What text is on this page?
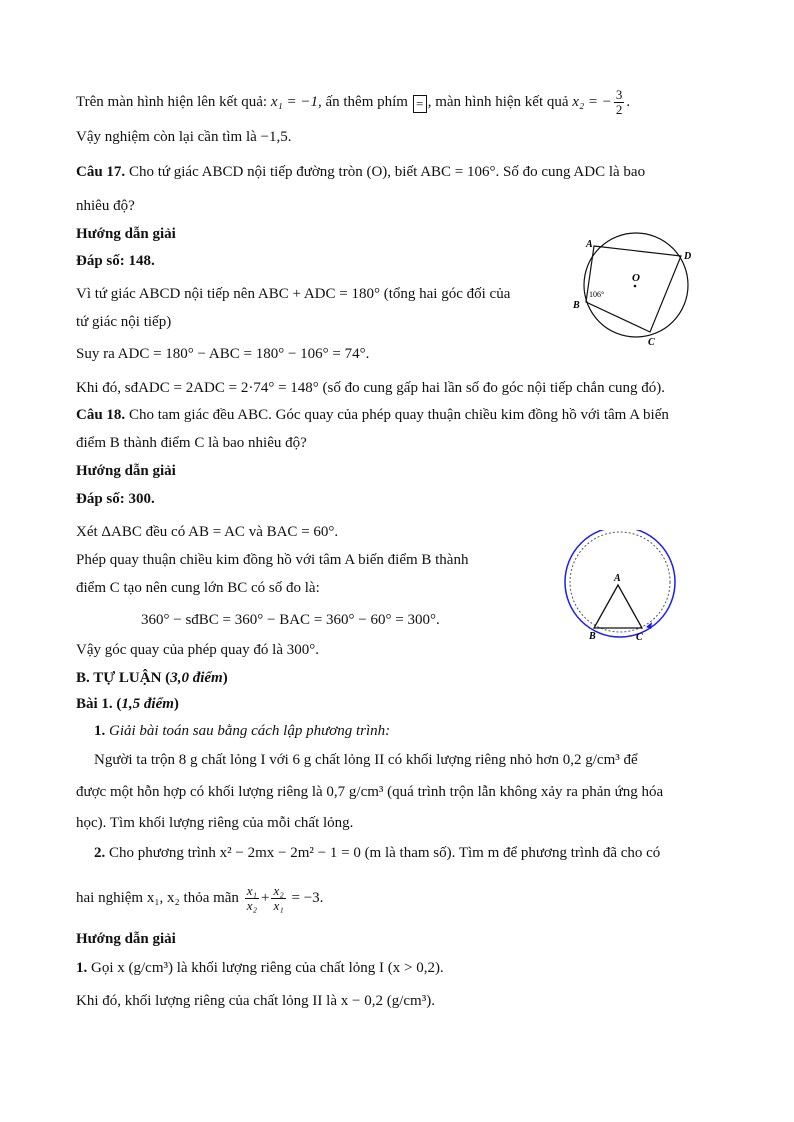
Trên màn hình hiện lên kết quả: x₁ = −1, ấn thêm phím = , màn hình hiện kết quả x₂ = − $\frac{3}{2}$ .
Vậy nghiệm còn lại cần tìm là −1,5.
Câu 17. Cho tứ giác ABCD nội tiếp đường tròn (O), biết ABC = 106°. Số đo cung ADC là bao
nhiêu độ?
Hướng dẫn giải
Đáp số: 148.
Vì tứ giác ABCD nội tiếp nên ABC + ADC = 180° (tổng hai góc đối của
tứ giác nội tiếp)
Suy ra ADC = 180° − ABC = 180° − 106° = 74°.
Khi đó, sđADC = 2ADC = 2·74° = 148° (số đo cung gấp hai lần số đo góc nội tiếp chắn cung đó).
A
D
C
B
O
106°
Câu 18. Cho tam giác đều ABC. Góc quay của phép quay thuận chiều kim đồng hồ với tâm A biến
điểm B thành điểm C là bao nhiêu độ?
Hướng dẫn giải
Đáp số: 300.
Xét ΔABC đều có AB = AC và BAC = 60°.
Phép quay thuận chiều kim đồng hồ với tâm A biến điểm B thành
điểm C tạo nên cung lớn BC có số đo là:
360° − sđBC = 360° − BAC = 360° − 60° = 300°.
Vậy góc quay của phép quay đó là 300°.
A
B	C
B. TỰ LUẬN (3,0 điểm)
Bài 1. (1,5 điểm)
1. Giải bài toán sau bằng cách lập phương trình:
Người ta trộn 8 g chất lỏng I với 6 g chất lỏng II có khối lượng riêng nhỏ hơn 0,2 g/cm³ để
được một hỗn hợp có khối lượng riêng là 0,7 g/cm³ (quá trình trộn lẫn không xảy ra phản ứng hóa
học). Tìm khối lượng riêng của mỗi chất lỏng.
2. Cho phương trình x² − 2mx − 2m² − 1 = 0 (m là tham số). Tìm m để phương trình đã cho có
hai nghiệm x₁, x₂ thỏa mãn $\frac{\text{x₁}}{\text{x₂}} + \frac{\text{x₂}}{\text{x₁}} = -3$.
Hướng dẫn giải
1. Gọi x (g/cm³) là khối lượng riêng của chất lỏng I (x > 0,2).
Khi đó, khối lượng riêng của chất lỏng II là x − 0,2 (g/cm³).
